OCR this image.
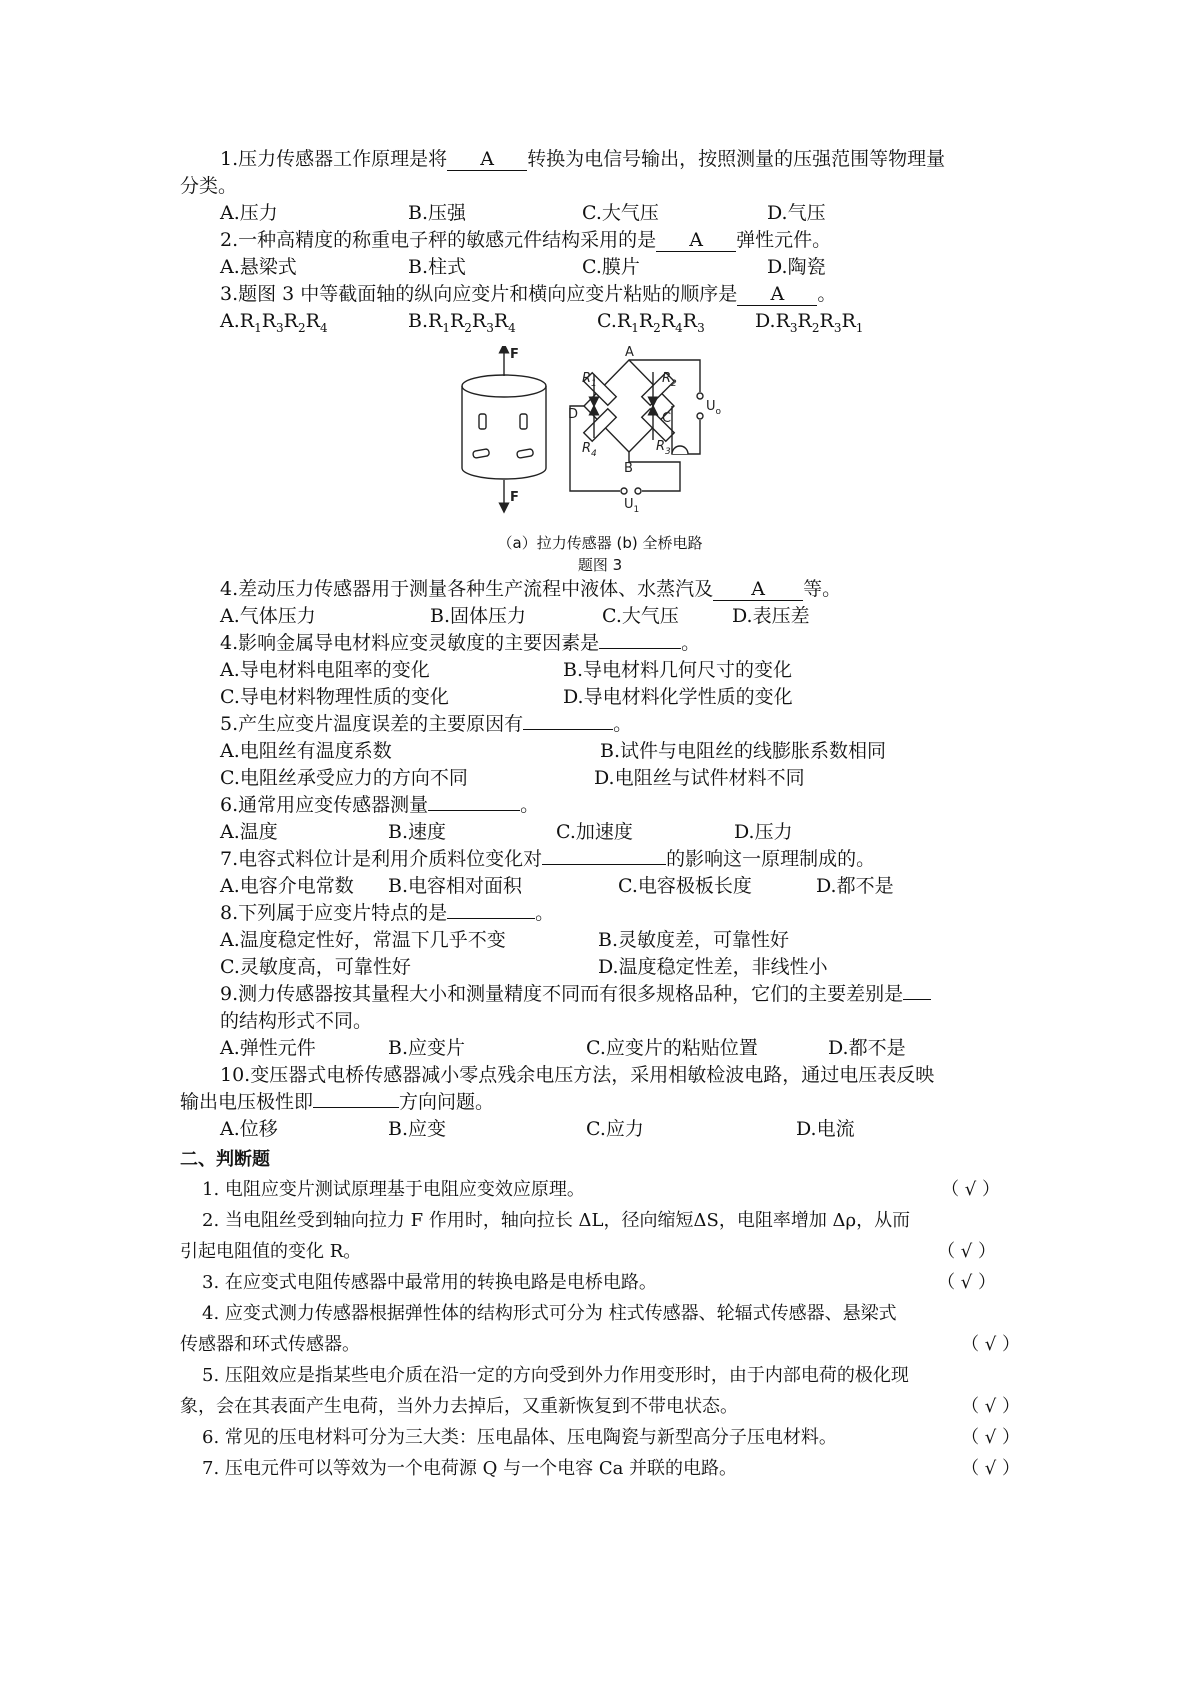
1.压力传感器工作原理是将 A 转换为电信号输出，按照测量的压强范围等物理量
分类。
A.压力	B.压强	C.大气压	D.气压
2.一种高精度的称重电子秤的敏感元件结构采用的是 A 弹性元件。
A.悬梁式	B.柱式	C.膜片	D.陶瓷
3.题图 3 中等截面轴的纵向应变片和横向应变片粘贴的顺序是 A 。
$A.R_1R_3R_2R_4$	$B.R_1R_2R_3R_4$	$C.R_1R_2R_4R_3$	$D.R_3R_2R_3R_1$
F
F
A
B
C
D
$R_1$	$R_2$
$R_3$
$R_4$
$U_o$
$U_1$
（a）拉力传感器 (b) 全桥电路
题图 3
4.差动压力传感器用于测量各种生产流程中液体、水蒸汽及 A 等。
A.气体压力	B.固体压力	C.大气压	D.表压差
4.影响金属导电材料应变灵敏度的主要因素是	。
A.导电材料电阻率的变化	B.导电材料几何尺寸的变化
C.导电材料物理性质的变化	D.导电材料化学性质的变化
5.产生应变片温度误差的主要原因有	。
A.电阻丝有温度系数	B.试件与电阻丝的线膨胀系数相同
C.电阻丝承受应力的方向不同	D.电阻丝与试件材料不同
6.通常用应变传感器测量	。
A.温度	B.速度	C.加速度	D.压力
7.电容式料位计是利用介质料位变化对	的影响这一原理制成的。
A.电容介电常数	B.电容相对面积	C.电容极板长度	D.都不是
8.下列属于应变片特点的是	。
A.温度稳定性好，常温下几乎不变	B.灵敏度差，可靠性好
C.灵敏度高，可靠性好	D.温度稳定性差，非线性小
9.测力传感器按其量程大小和测量精度不同而有很多规格品种，它们的主要差别是
的结构形式不同。
A.弹性元件	B.应变片	C.应变片的粘贴位置	D.都不是
10.变压器式电桥传感器减小零点残余电压方法，采用相敏检波电路，通过电压表反映
输出电压极性即	方向问题。
A.位移	B.应变	C.应力	D.电流
二、判断题
1. 电阻应变片测试原理基于电阻应变效应原理。	（ √ ）
2. 当电阻丝受到轴向拉力 F 作用时，轴向拉长 ΔL，径向缩短ΔS，电阻率增加 Δρ，从而
引起电阻值的变化 R。	（ √ ）
3. 在应变式电阻传感器中最常用的转换电路是电桥电路。	（ √ ）
4. 应变式测力传感器根据弹性体的结构形式可分为 柱式传感器、轮辐式传感器、悬梁式
传感器和环式传感器。	（ √ ）
5. 压阻效应是指某些电介质在沿一定的方向受到外力作用变形时，由于内部电荷的极化现
象，会在其表面产生电荷，当外力去掉后，又重新恢复到不带电状态。	（ √ ）
6. 常见的压电材料可分为三大类：压电晶体、压电陶瓷与新型高分子压电材料。	（ √ ）
7. 压电元件可以等效为一个电荷源 Q 与一个电容 Ca 并联的电路。	（ √ ）
